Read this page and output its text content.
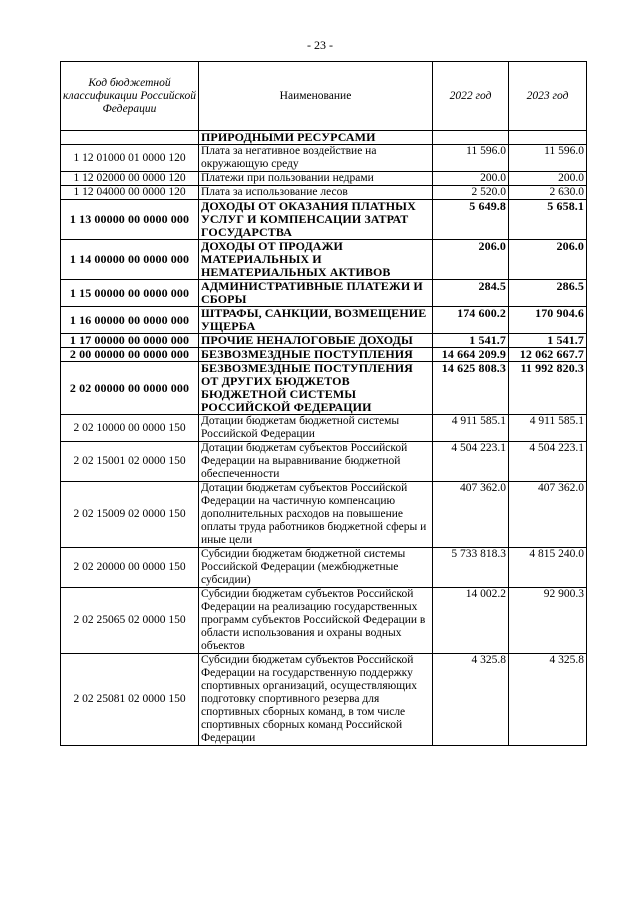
- 23 -
Код бюджетной классификации Российской Федерации	Наименование	2022 год	2023 год
	ПРИРОДНЫМИ РЕСУРСАМИ		
1 12 01000 01 0000 120	Плата за негативное воздействие на окружающую среду	11 596.0	11 596.0
1 12 02000 00 0000 120	Платежи при пользовании недрами	200.0	200.0
1 12 04000 00 0000 120	Плата за использование лесов	2 520.0	2 630.0
1 13 00000 00 0000 000	ДОХОДЫ ОТ ОКАЗАНИЯ ПЛАТНЫХ УСЛУГ И КОМПЕНСАЦИИ ЗАТРАТ ГОСУДАРСТВА	5 649.8	5 658.1
1 14 00000 00 0000 000	ДОХОДЫ ОТ ПРОДАЖИ МАТЕРИАЛЬНЫХ И НЕМАТЕРИАЛЬНЫХ АКТИВОВ	206.0	206.0
1 15 00000 00 0000 000	АДМИНИСТРАТИВНЫЕ ПЛАТЕЖИ И СБОРЫ	284.5	286.5
1 16 00000 00 0000 000	ШТРАФЫ, САНКЦИИ, ВОЗМЕЩЕНИЕ УЩЕРБА	174 600.2	170 904.6
1 17 00000 00 0000 000	ПРОЧИЕ НЕНАЛОГОВЫЕ ДОХОДЫ	1 541.7	1 541.7
2 00 00000 00 0000 000	БЕЗВОЗМЕЗДНЫЕ ПОСТУПЛЕНИЯ	14 664 209.9	12 062 667.7
2 02 00000 00 0000 000	БЕЗВОЗМЕЗДНЫЕ ПОСТУПЛЕНИЯ ОТ ДРУГИХ БЮДЖЕТОВ БЮДЖЕТНОЙ СИСТЕМЫ РОССИЙСКОЙ ФЕДЕРАЦИИ	14 625 808.3	11 992 820.3
2 02 10000 00 0000 150	Дотации бюджетам бюджетной системы Российской Федерации	4 911 585.1	4 911 585.1
2 02 15001 02 0000 150	Дотации бюджетам субъектов Российской Федерации на выравнивание бюджетной обеспеченности	4 504 223.1	4 504 223.1
2 02 15009 02 0000 150	Дотации бюджетам субъектов Российской Федерации на частичную компенсацию дополнительных расходов на повышение оплаты труда работников бюджетной сферы и иные цели	407 362.0	407 362.0
2 02 20000 00 0000 150	Субсидии бюджетам бюджетной системы Российской Федерации (межбюджетные субсидии)	5 733 818.3	4 815 240.0
2 02 25065 02 0000 150	Субсидии бюджетам субъектов Российской Федерации на реализацию государственных программ субъектов Российской Федерации в области использования и охраны водных объектов	14 002.2	92 900.3
2 02 25081 02 0000 150	Субсидии бюджетам субъектов Российской Федерации на государственную поддержку спортивных организаций, осуществляющих подготовку спортивного резерва для спортивных сборных команд, в том числе спортивных сборных команд Российской Федерации	4 325.8	4 325.8
